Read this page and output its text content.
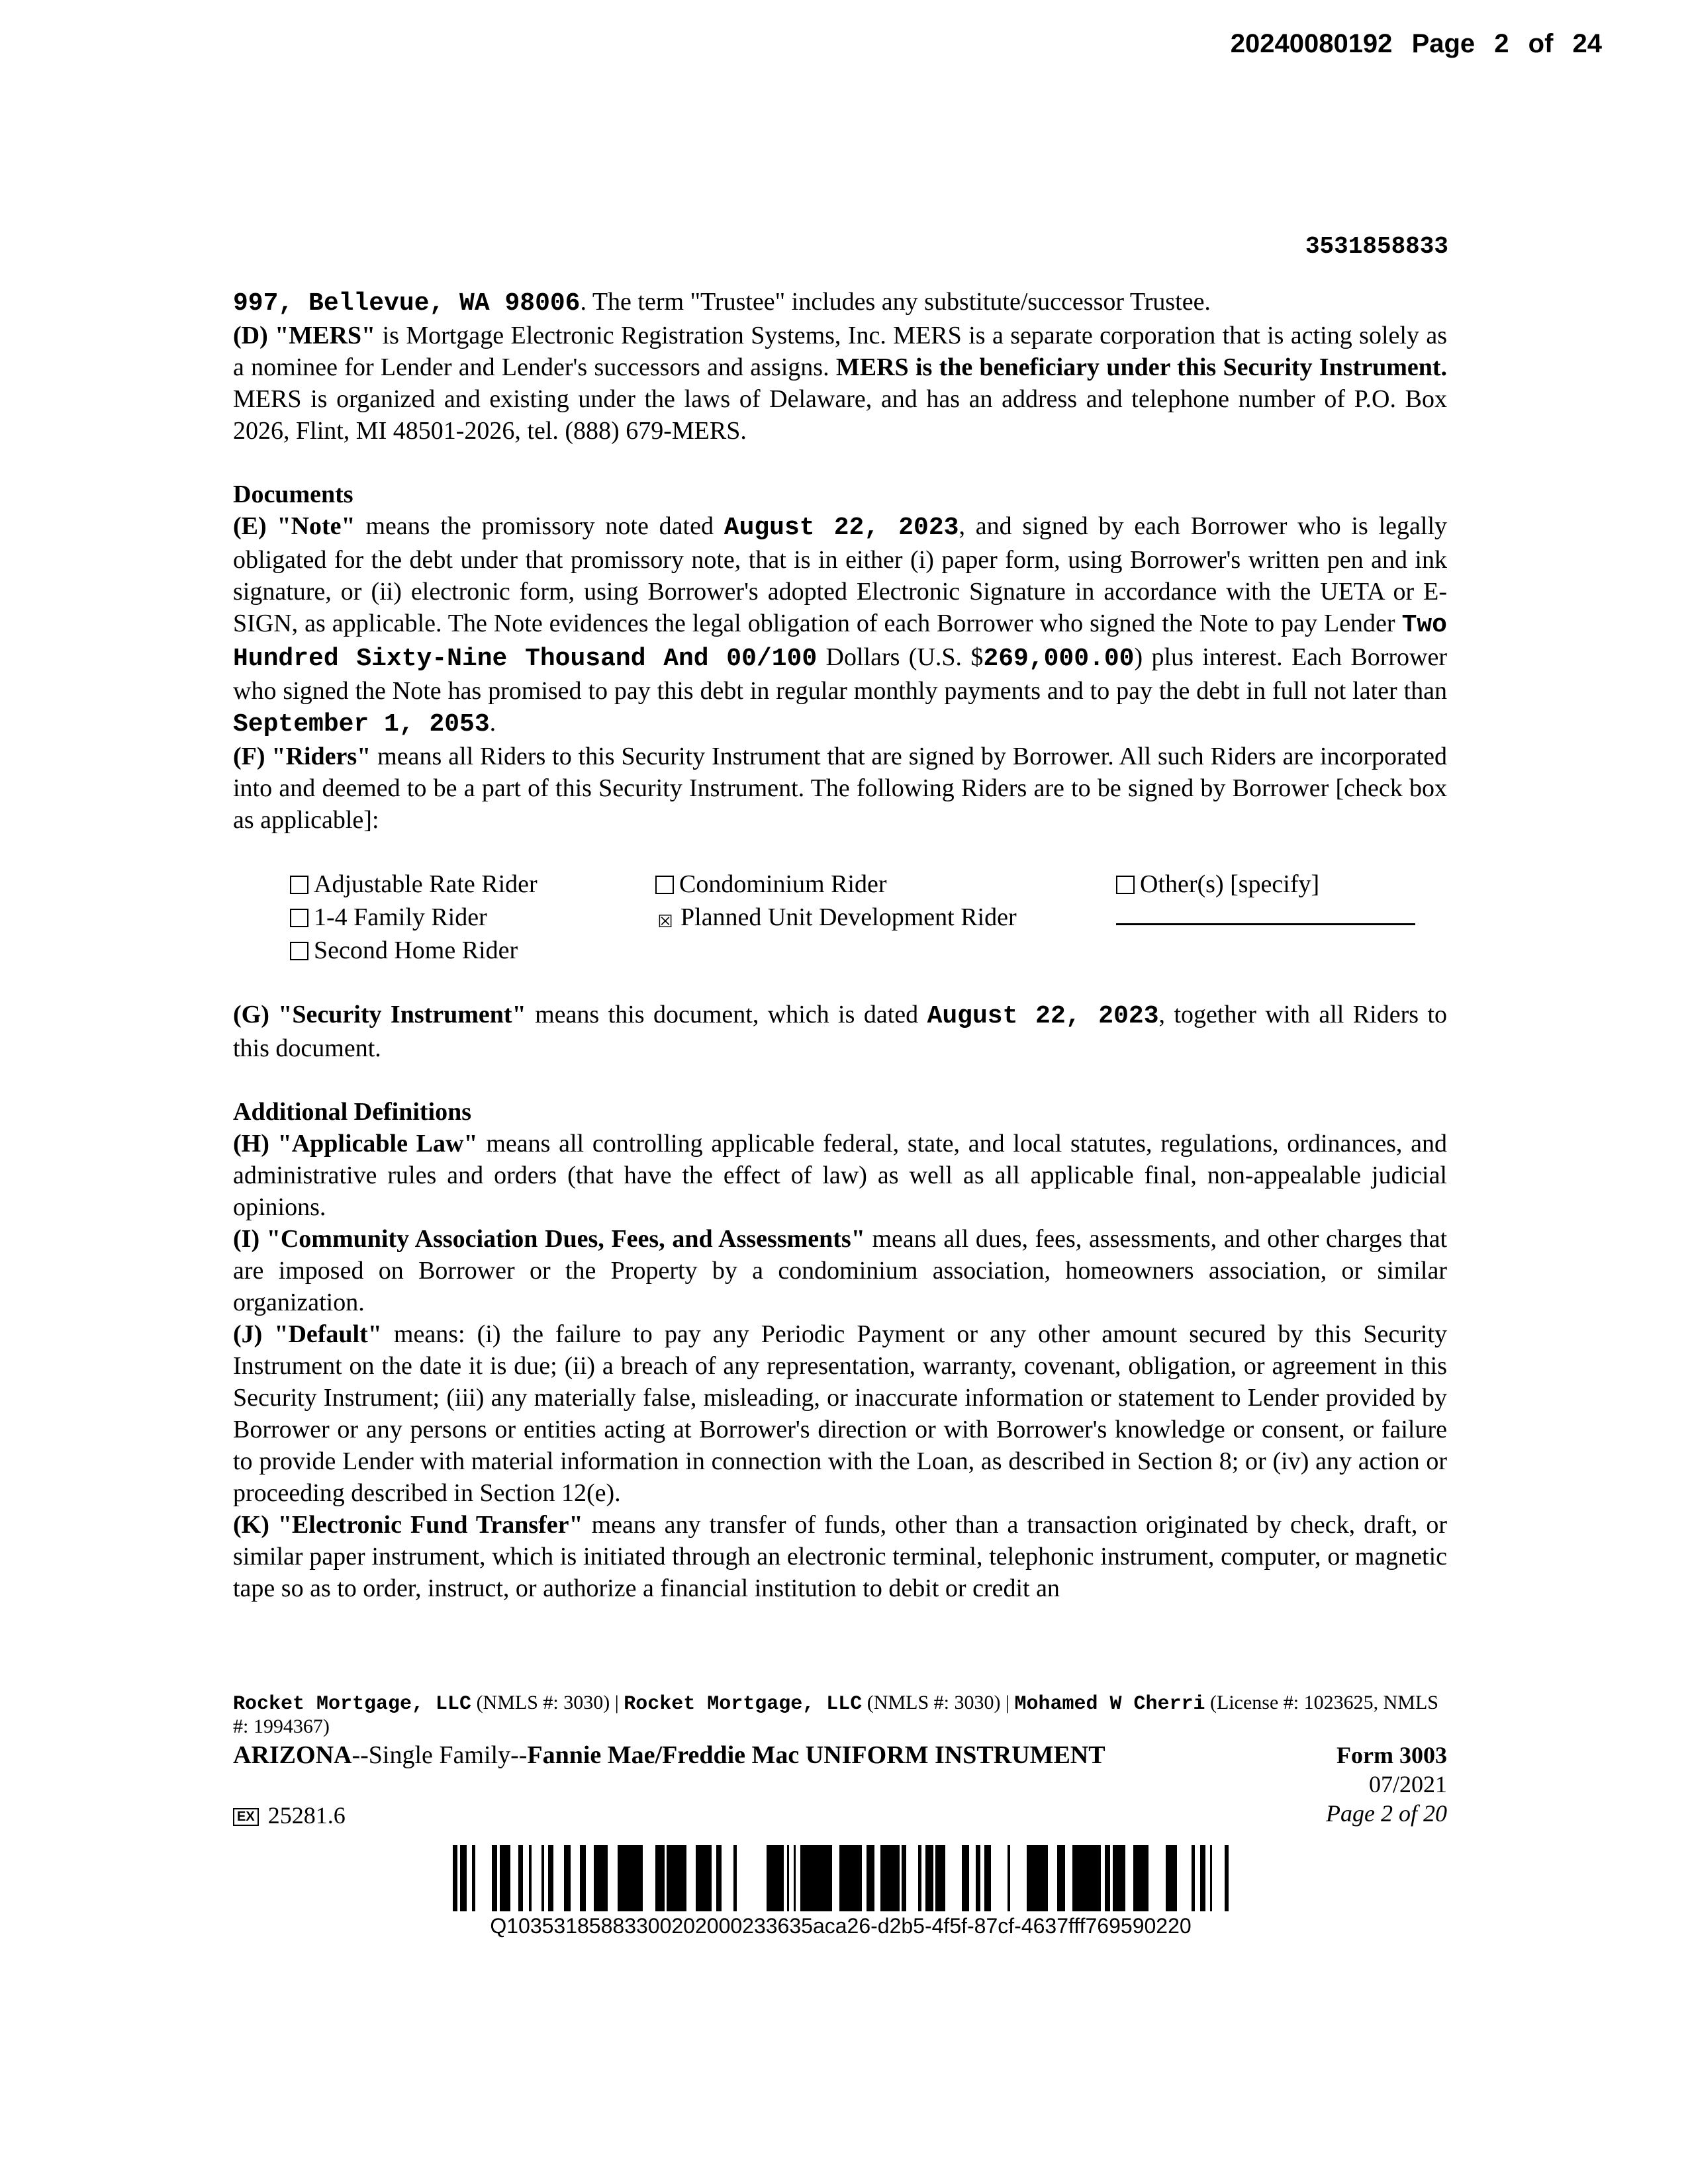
20240080192 Page 2 of 24
3531858833

997, Bellevue, WA 98006. The term "Trustee" includes any substitute/successor Trustee.

(D) "MERS" is Mortgage Electronic Registration Systems, Inc. MERS is a separate corporation that is acting solely as a nominee for Lender and Lender's successors and assigns. MERS is the beneficiary under this Security Instrument. MERS is organized and existing under the laws of Delaware, and has an address and telephone number of P.O. Box 2026, Flint, MI 48501-2026, tel. (888) 679-MERS.

Documents

(E) "Note" means the promissory note dated August 22, 2023, and signed by each Borrower who is legally obligated for the debt under that promissory note, that is in either (i) paper form, using Borrower's written pen and ink signature, or (ii) electronic form, using Borrower's adopted Electronic Signature in accordance with the UETA or E-SIGN, as applicable. The Note evidences the legal obligation of each Borrower who signed the Note to pay Lender Two Hundred Sixty-Nine Thousand And 00/100 Dollars (U.S. $269,000.00) plus interest. Each Borrower who signed the Note has promised to pay this debt in regular monthly payments and to pay the debt in full not later than September 1, 2053.

(F) "Riders" means all Riders to this Security Instrument that are signed by Borrower. All such Riders are incorporated into and deemed to be a part of this Security Instrument. The following Riders are to be signed by Borrower [check box as applicable]:

Adjustable Rate Rider	Condominium Rider	Other(s) [specify]
1-4 Family Rider	☒ Planned Unit Development Rider
Second Home Rider

(G) "Security Instrument" means this document, which is dated August 22, 2023, together with all Riders to this document.

Additional Definitions

(H) "Applicable Law" means all controlling applicable federal, state, and local statutes, regulations, ordinances, and administrative rules and orders (that have the effect of law) as well as all applicable final, non-appealable judicial opinions.

(I) "Community Association Dues, Fees, and Assessments" means all dues, fees, assessments, and other charges that are imposed on Borrower or the Property by a condominium association, homeowners association, or similar organization.

(J) "Default" means: (i) the failure to pay any Periodic Payment or any other amount secured by this Security Instrument on the date it is due; (ii) a breach of any representation, warranty, covenant, obligation, or agreement in this Security Instrument; (iii) any materially false, misleading, or inaccurate information or statement to Lender provided by Borrower or any persons or entities acting at Borrower's direction or with Borrower's knowledge or consent, or failure to provide Lender with material information in connection with the Loan, as described in Section 8; or (iv) any action or proceeding described in Section 12(e).

(K) "Electronic Fund Transfer" means any transfer of funds, other than a transaction originated by check, draft, or similar paper instrument, which is initiated through an electronic terminal, telephonic instrument, computer, or magnetic tape so as to order, instruct, or authorize a financial institution to debit or credit an

Rocket Mortgage, LLC (NMLS #: 3030) | Rocket Mortgage, LLC (NMLS #: 3030) | Mohamed W Cherri (License #: 1023625, NMLS #: 1994367)
ARIZONA--Single Family--Fannie Mae/Freddie Mac UNIFORM INSTRUMENT	Form 3003
07/2021
Page 2 of 20
EX 25281.6
Q10353185883300202000233635aca26-d2b5-4f5f-87cf-4637fff769590220
